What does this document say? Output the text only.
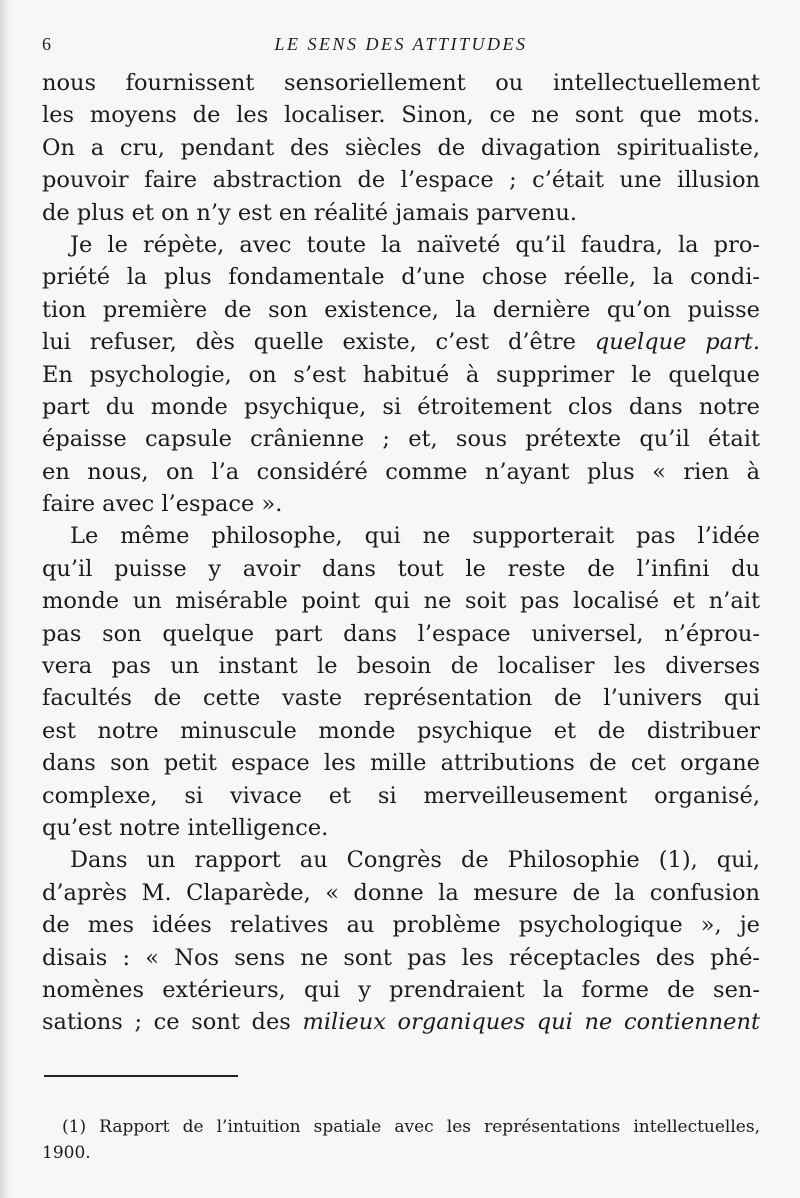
6	LE SENS DES ATTITUDES
nous fournissent sensoriellement ou intellectuellement
les moyens de les localiser. Sinon, ce ne sont que mots.
On a cru, pendant des siècles de divagation spiritualiste,
pouvoir faire abstraction de l’espace ; c’était une illusion
de plus et on n’y est en réalité jamais parvenu.
Je le répète, avec toute la naïveté qu’il faudra, la pro-
priété la plus fondamentale d’une chose réelle, la condi-
tion première de son existence, la dernière qu’on puisse
lui refuser, dès quelle existe, c’est d’être quelque part.
En psychologie, on s’est habitué à supprimer le quelque
part du monde psychique, si étroitement clos dans notre
épaisse capsule crânienne ; et, sous prétexte qu’il était
en nous, on l’a considéré comme n’ayant plus « rien à
faire avec l’espace ».
Le même philosophe, qui ne supporterait pas l’idée
qu’il puisse y avoir dans tout le reste de l’infini du
monde un misérable point qui ne soit pas localisé et n’ait
pas son quelque part dans l’espace universel, n’éprou-
vera pas un instant le besoin de localiser les diverses
facultés de cette vaste représentation de l’univers qui
est notre minuscule monde psychique et de distribuer
dans son petit espace les mille attributions de cet organe
complexe, si vivace et si merveilleusement organisé,
qu’est notre intelligence.
Dans un rapport au Congrès de Philosophie (1), qui,
d’après M. Claparède, « donne la mesure de la confusion
de mes idées relatives au problème psychologique », je
disais : « Nos sens ne sont pas les réceptacles des phé-
nomènes extérieurs, qui y prendraient la forme de sen-
sations ; ce sont des milieux organiques qui ne contiennent
(1) Rapport de l’intuition spatiale avec les représentations intellectuelles,
1900.
